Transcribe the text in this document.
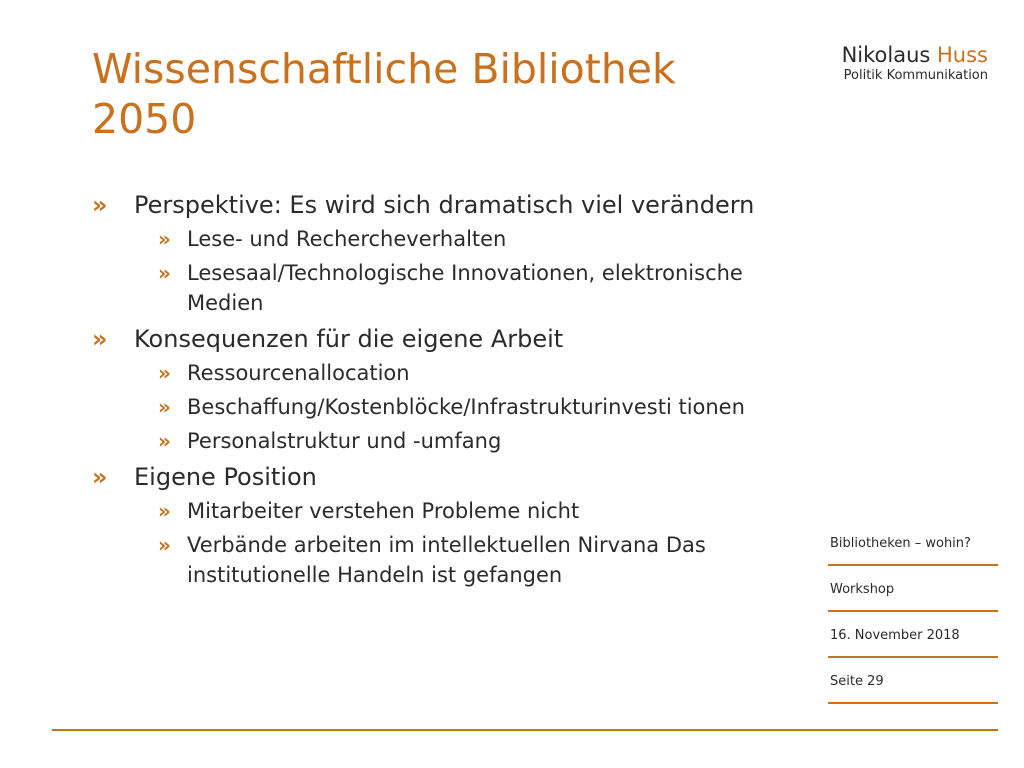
Wissenschaftliche Bibliothek
2050
Nikolaus Huss
Politik Kommunikation
» Perspektive: Es wird sich dramatisch viel verändern
» Lese- und Rechercheverhalten
» Lesesaal/Technologische Innovationen, elektronische Medien
» Konsequenzen für die eigene Arbeit
» Ressourcenallocation
» Beschaffung/Kostenblöcke/Infrastrukturinvesti tionen
» Personalstruktur und -umfang
» Eigene Position
» Mitarbeiter verstehen Probleme nicht
» Verbände arbeiten im intellektuellen Nirvana Das institutionelle Handeln ist gefangen
Bibliotheken – wohin?
Workshop
16. November 2018
Seite 29
